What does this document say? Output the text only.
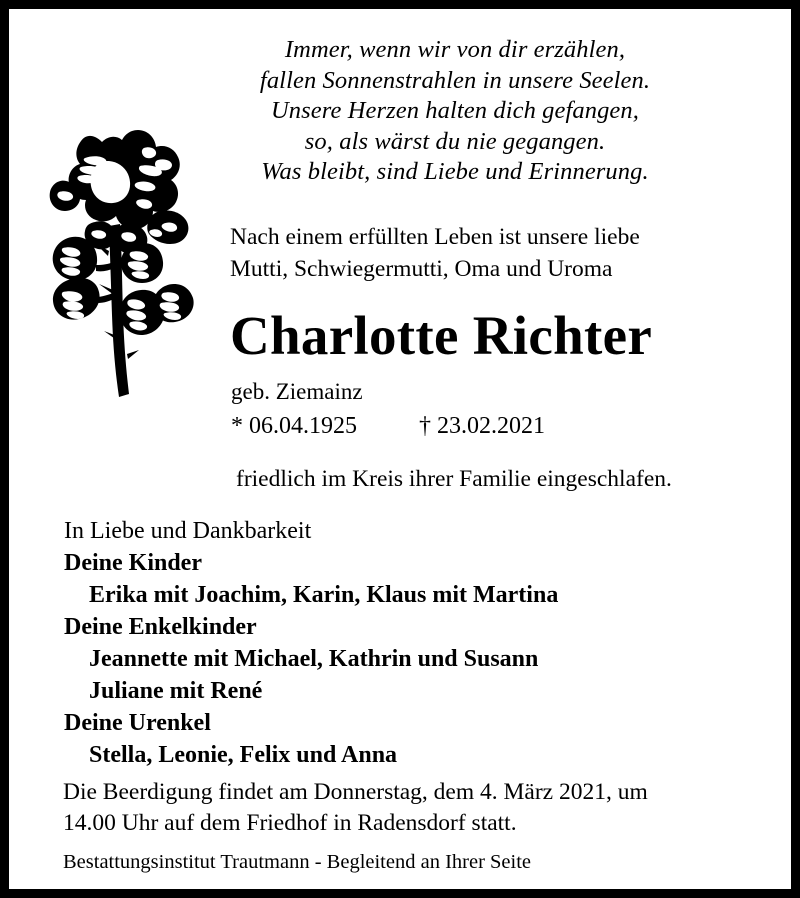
Immer, wenn wir von dir erzählen,
fallen Sonnenstrahlen in unsere Seelen.
Unsere Herzen halten dich gefangen,
so, als wärst du nie gegangen.
Was bleibt, sind Liebe und Erinnerung.
Nach einem erfüllten Leben ist unsere liebe
Mutti, Schwiegermutti, Oma und Uroma
Charlotte Richter
geb. Ziemainz
* 06.04.1925	† 23.02.2021
friedlich im Kreis ihrer Familie eingeschlafen.
In Liebe und Dankbarkeit
Deine Kinder
Erika mit Joachim, Karin, Klaus mit Martina
Deine Enkelkinder
Jeannette mit Michael, Kathrin und Susann
Juliane mit René
Deine Urenkel
Stella, Leonie, Felix und Anna
Die Beerdigung findet am Donnerstag, dem 4. März 2021, um
14.00 Uhr auf dem Friedhof in Radensdorf statt.
Bestattungsinstitut Trautmann - Begleitend an Ihrer Seite
